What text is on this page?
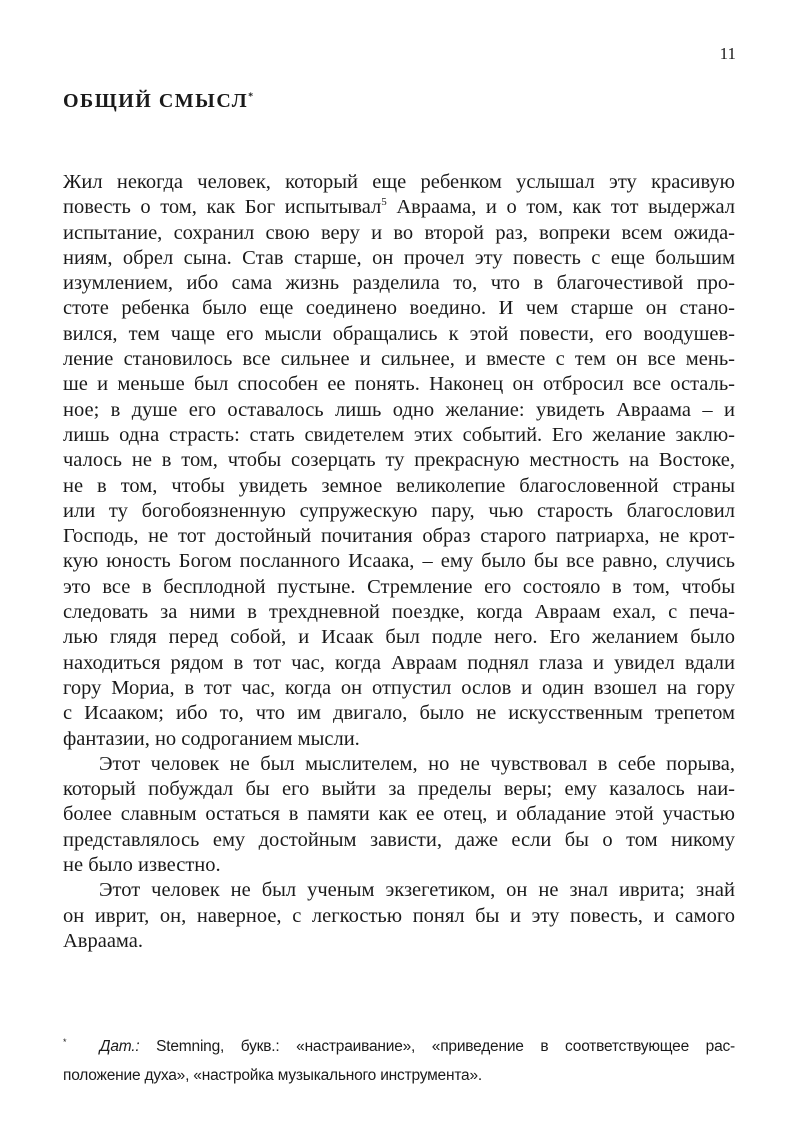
11
ОБЩИЙ СМЫСЛ*
Жил некогда человек, который еще ребенком услышал эту красивую
повесть о том, как Бог испытывал$^5$ Авраама, и о том, как тот выдержал
испытание, сохранил свою веру и во второй раз, вопреки всем ожида-
ниям, обрел сына. Став старше, он прочел эту повесть с еще большим
изумлением, ибо сама жизнь разделила то, что в благочестивой про-
стоте ребенка было еще соединено воедино. И чем старше он стано-
вился, тем чаще его мысли обращались к этой повести, его воодушев-
ление становилось все сильнее и сильнее, и вместе с тем он все мень-
ше и меньше был способен ее понять. Наконец он отбросил все осталь-
ное; в душе его оставалось лишь одно желание: увидеть Авраама – и
лишь одна страсть: стать свидетелем этих событий. Его желание заклю-
чалось не в том, чтобы созерцать ту прекрасную местность на Востоке,
не в том, чтобы увидеть земное великолепие благословенной страны
или ту богобоязненную супружескую пару, чью старость благословил
Господь, не тот достойный почитания образ старого патриарха, не крот-
кую юность Богом посланного Исаака, – ему было бы все равно, случись
это все в бесплодной пустыне. Стремление его состояло в том, чтобы
следовать за ними в трехдневной поездке, когда Авраам ехал, с печа-
лью глядя перед собой, и Исаак был подле него. Его желанием было
находиться рядом в тот час, когда Авраам поднял глаза и увидел вдали
гору Мориа, в тот час, когда он отпустил ослов и один взошел на гору
с Исааком; ибо то, что им двигало, было не искусственным трепетом
фантазии, но содроганием мысли.
Этот человек не был мыслителем, но не чувствовал в себе порыва,
который побуждал бы его выйти за пределы веры; ему казалось наи-
более славным остаться в памяти как ее отец, и обладание этой участью
представлялось ему достойным зависти, даже если бы о том никому
не было известно.
Этот человек не был ученым экзегетиком, он не знал иврита; знай
он иврит, он, наверное, с легкостью понял бы и эту повесть, и самого
Авраама.
* Дат.: Stemning, букв.: «настраивание», «приведение в соответствующее рас-
положение духа», «настройка музыкального инструмента».
